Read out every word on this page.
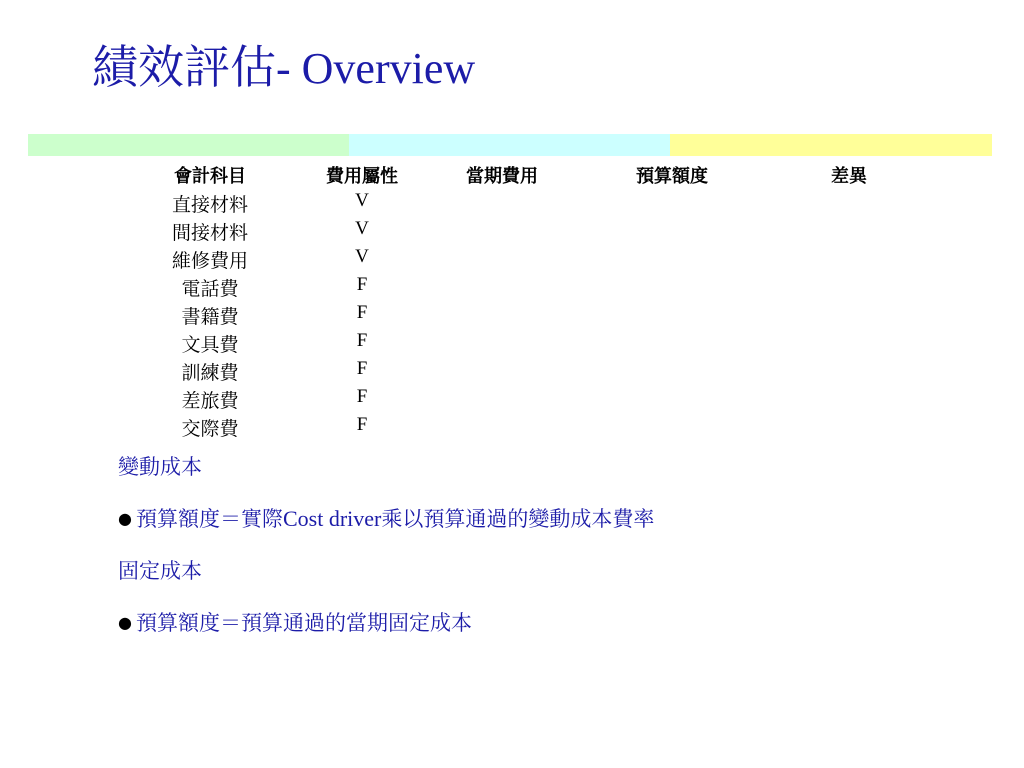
績效評估- Overview
會計科目	費用屬性	當期費用	預算額度	差異
直接材料	V
間接材料	V
維修費用	V
電話費	F
書籍費	F
文具費	F
訓練費	F
差旅費	F
交際費	F
變動成本
● 預算額度＝實際Cost driver乘以預算通過的變動成本費率
固定成本
● 預算額度＝預算通過的當期固定成本
